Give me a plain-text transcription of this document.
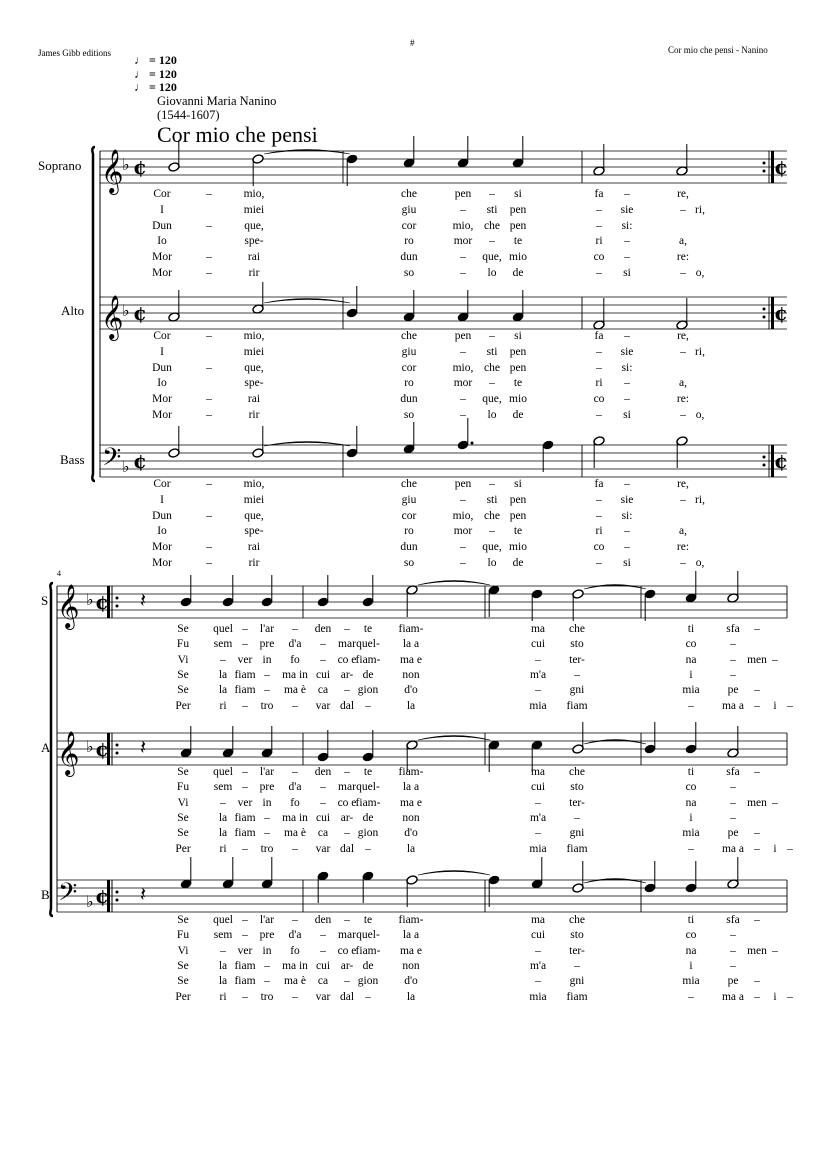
James Gibb editions
#
Cor mio che pensi - Nanino
♩ = 120
♩ = 120
♩ = 120
Giovanni Maria Nanino
(1544-1607)
Cor mio che pensi
Soprano
Alto
Bass
S
A
B
4
𝄞
𝄞
𝄢
𝄞
𝄞
𝄢
♭
♭
♭
♭
♭
♭
¢
¢
¢
¢
¢
¢
¢
¢
¢
𝄽
𝄽
𝄽
Cor	–	mio,	che	pen – si	fa –	re,
I	miei	giu	– sti pen	– sie	– ri,
Dun	–	que,	cor	mio, che pen	– si:
Io	spe-	ro	mor – te	ri –	a,
Mor	–	rai	dun	– que, mio	co –	re:
Mor	–	rir	so	– lo de	– si	– o,
Cor	–	mio,	che	pen – si	fa –	re,
I	miei	giu	– sti pen	– sie	– ri,
Dun	–	que,	cor	mio, che pen	– si:
Io	spe-	ro	mor – te	ri –	a,
Mor	–	rai	dun	– que, mio	co –	re:
Mor	–	rir	so	– lo de	– si	– o,
Cor	–	mio,	che	pen – si	fa –	re,
I	miei	giu	– sti pen	– sie	– ri,
Dun	–	que,	cor	mio, che pen	– si:
Io	spe-	ro	mor – te	ri –	a,
Mor	–	rai	dun	– que, mio	co –	re:
Mor	–	rir	so	– lo de	– si	– o,
Se quel – l'ar – den – te fiam-	ma che	ti	sfa –
Fu sem – pre d'a – mar quel- la a	cui sto	co	–
Vi	– ver in fo – co e fiam- ma e	– ter-	na	– men –
Se	la fiam – ma in cui ar- de	non	m'a –	i	–
Se	la fiam – ma è ca – gion d'o	–	gni	mia pe –
Per	ri – tro – var dal –	la	mia fiam	– ma a – i –
Se quel – l'ar – den – te fiam-	ma che	ti	sfa –
Fu sem – pre d'a – mar quel- la a	cui sto	co	–
Vi	– ver in fo – co e fiam- ma e	– ter-	na	– men –
Se	la fiam – ma in cui ar- de	non	m'a –	i	–
Se	la fiam – ma è ca – gion d'o	–	gni	mia pe –
Per	ri – tro – var dal –	la	mia fiam	– ma a – i –
Se quel – l'ar – den – te fiam-	ma che	ti	sfa –
Fu sem – pre d'a – mar quel- la a	cui sto	co	–
Vi	– ver in fo – co e fiam- ma e	– ter-	na	– men –
Se	la fiam – ma in cui ar- de	non	m'a –	i	–
Se	la fiam – ma è ca – gion d'o	–	gni	mia pe –
Per	ri – tro – var dal –	la	mia fiam	– ma a – i –
